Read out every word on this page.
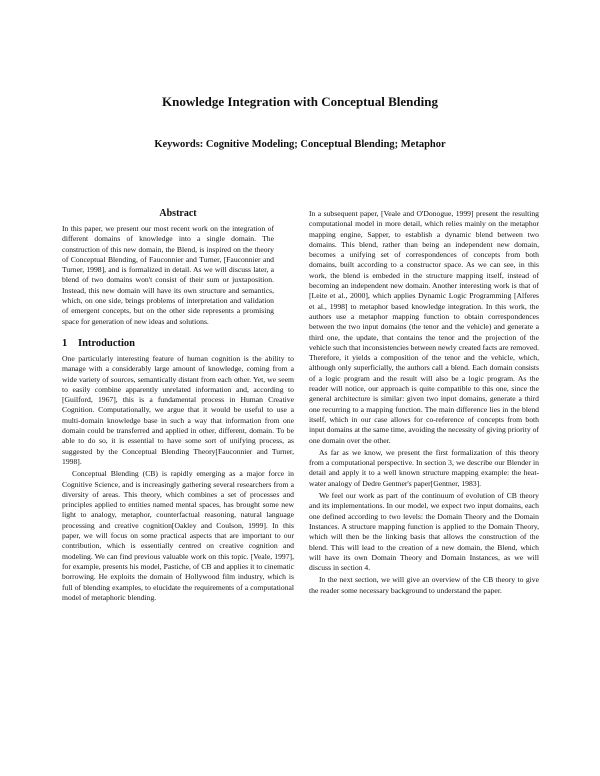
Knowledge Integration with Conceptual Blending
Keywords: Cognitive Modeling; Conceptual Blending; Metaphor
Abstract

In this paper, we present our most recent work on the integration of different domains of knowledge into a single domain. The construction of this new domain, the Blend, is inspired on the theory of Conceptual Blending, of Fauconnier and Turner, [Fauconnier and Turner, 1998], and is formalized in detail. As we will discuss later, a blend of two domains won't consist of their sum or juxtaposition. Instead, this new domain will have its own structure and semantics, which, on one side, brings problems of interpretation and validation of emergent concepts, but on the other side represents a promising space for generation of new ideas and solutions.

1 Introduction

One particularly interesting feature of human cognition is the ability to manage with a considerably large amount of knowledge, coming from a wide variety of sources, semantically distant from each other. Yet, we seem to easily combine apparently unrelated information and, according to [Guilford, 1967], this is a fundamental process in Human Creative Cognition. Computationally, we argue that it would be useful to use a multi-domain knowledge base in such a way that information from one domain could be transferred and applied in other, different, domain. To be able to do so, it is essential to have some sort of unifying process, as suggested by the Conceptual Blending Theory[Fauconnier and Turner, 1998].

Conceptual Blending (CB) is rapidly emerging as a major force in Cognitive Science, and is increasingly gathering several researchers from a diversity of areas. This theory, which combines a set of processes and principles applied to entities named mental spaces, has brought some new light to analogy, metaphor, counterfactual reasoning, natural language processing and creative cognition[Oakley and Coulson, 1999]. In this paper, we will focus on some practical aspects that are important to our contribution, which is essentially centred on creative cognition and modeling. We can find previous valuable work on this topic. [Veale, 1997], for example, presents his model, Pastiche, of CB and applies it to cinematic borrowing. He exploits the domain of Hollywood film industry, which is full of blending examples, to elucidate the requirements of a computational model of metaphoric blending.

In a subsequent paper, [Veale and O'Donogue, 1999] present the resulting computational model in more detail, which relies mainly on the metaphor mapping engine, Sapper, to establish a dynamic blend between two domains. This blend, rather than being an independent new domain, becomes a unifying set of correspondences of concepts from both domains, built according to a constructor space. As we can see, in this work, the blend is embeded in the structure mapping itself, instead of becoming an independent new domain. Another interesting work is that of [Leite et al., 2000], which applies Dynamic Logic Programming [Alferes et al., 1998] to metaphor based knowledge integration. In this work, the authors use a metaphor mapping function to obtain correspondences between the two input domains (the tenor and the vehicle) and generate a third one, the update, that contains the tenor and the projection of the vehicle such that inconsistencies between newly created facts are removed. Therefore, it yields a composition of the tenor and the vehicle, which, although only superficially, the authors call a blend. Each domain consists of a logic program and the result will also be a logic program. As the reader will notice, our approach is quite compatible to this one, since the general architecture is similar: given two input domains, generate a third one recurring to a mapping function. The main difference lies in the blend itself, which in our case allows for co-reference of concepts from both input domains at the same time, avoiding the necessity of giving priority of one domain over the other.

As far as we know, we present the first formalization of this theory from a computational perspective. In section 3, we describe our Blender in detail and apply it to a well known structure mapping example: the heat-water analogy of Dedre Gentner's paper[Gentner, 1983].

We feel our work as part of the continuum of evolution of CB theory and its implementations. In our model, we expect two input domains, each one defined according to two levels: the Domain Theory and the Domain Instances. A structure mapping function is applied to the Domain Theory, which will then be the linking basis that allows the construction of the blend. This will lead to the creation of a new domain, the Blend, which will have its own Domain Theory and Domain Instances, as we will discuss in section 4.

In the next section, we will give an overview of the CB theory to give the reader some necessary background to understand the paper.
